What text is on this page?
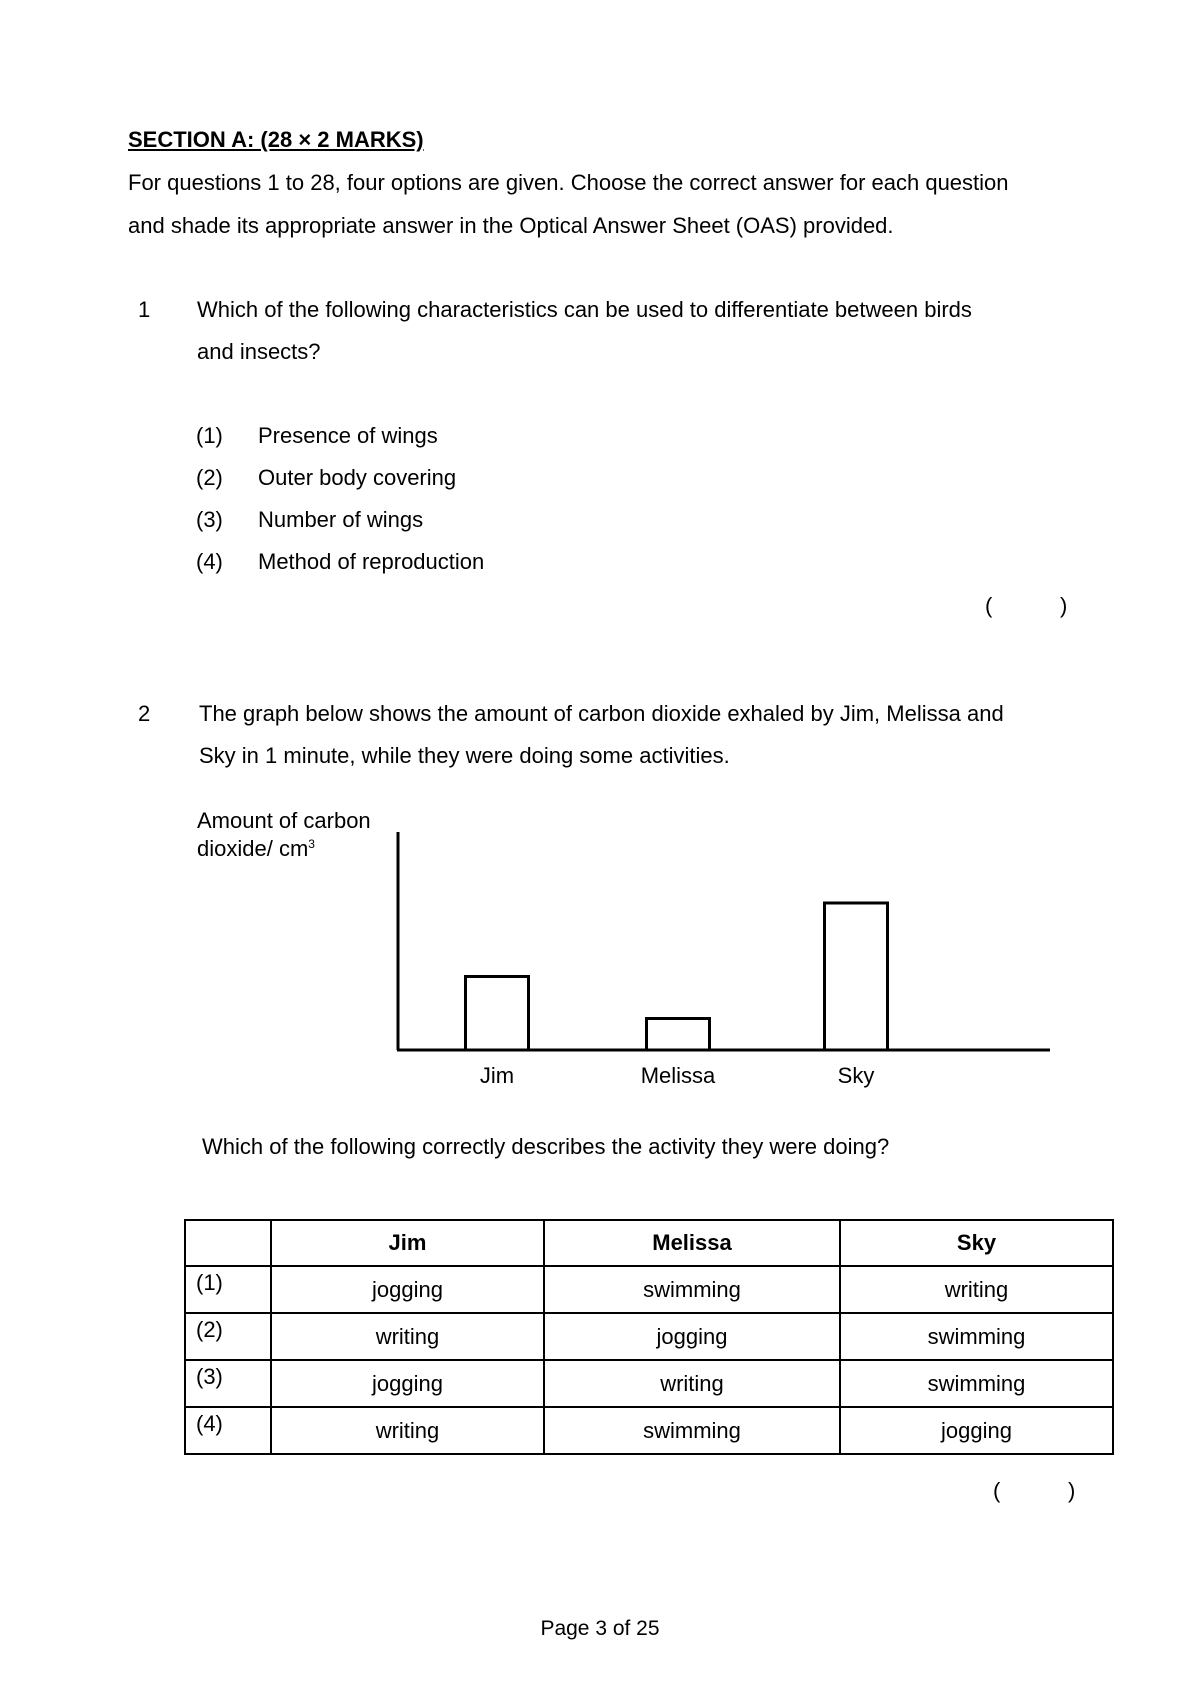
SECTION A: (28 × 2 MARKS)
For questions 1 to 28, four options are given. Choose the correct answer for each question
and shade its appropriate answer in the Optical Answer Sheet (OAS) provided.
1 Which of the following characteristics can be used to differentiate between birds
and insects?
(1) Presence of wings
(2) Outer body covering
(3) Number of wings
(4) Method of reproduction
(	)
2 The graph below shows the amount of carbon dioxide exhaled by Jim, Melissa and
Sky in 1 minute, while they were doing some activities.
Amount of carbon
dioxide/ $cm^3$
Jim	Melissa	Sky
Which of the following correctly describes the activity they were doing?
	Jim	Melissa	Sky
(1)	jogging	swimming	writing
(2)	writing	jogging	swimming
(3)	jogging	writing	swimming
(4)	writing	swimming	jogging
(	)
Page 3 of 25
